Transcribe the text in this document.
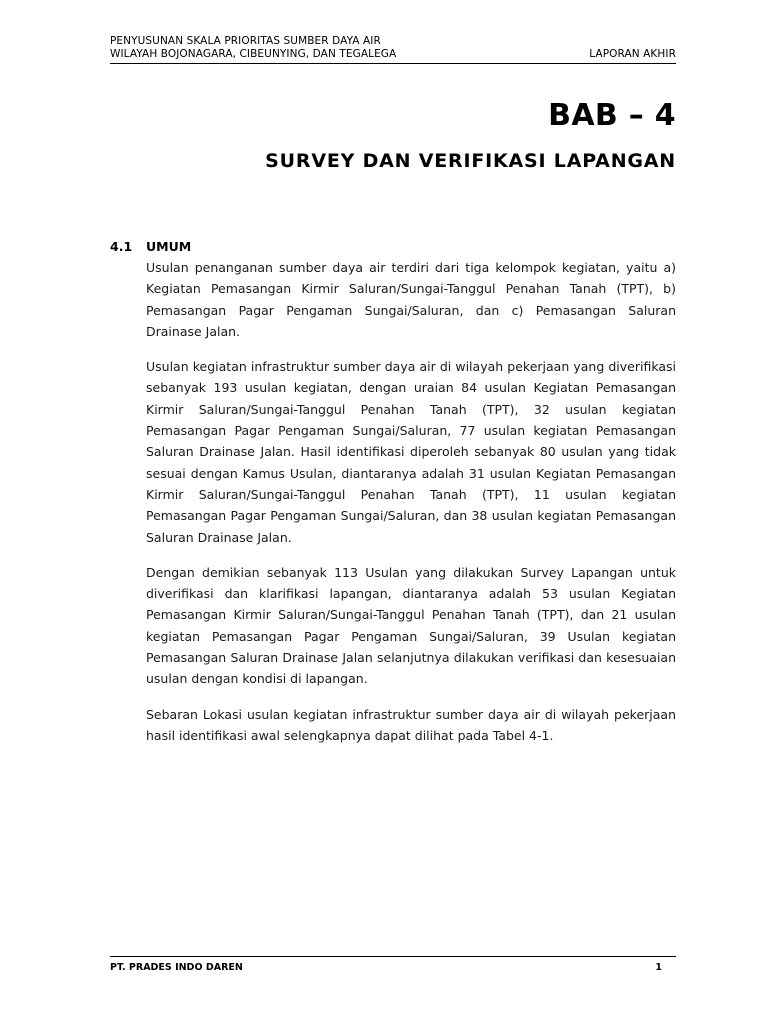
PENYUSUNAN SKALA PRIORITAS SUMBER DAYA AIR
WILAYAH BOJONAGARA, CIBEUNYING, DAN TEGALEGA	LAPORAN AKHIR
BAB – 4
SURVEY DAN VERIFIKASI LAPANGAN
4.1	UMUM

Usulan penanganan sumber daya air terdiri dari tiga kelompok kegiatan, yaitu a) Kegiatan Pemasangan Kirmir Saluran/Sungai-Tanggul Penahan Tanah (TPT), b) Pemasangan Pagar Pengaman Sungai/Saluran, dan c) Pemasangan Saluran Drainase Jalan.

Usulan kegiatan infrastruktur sumber daya air di wilayah pekerjaan yang diverifikasi sebanyak 193 usulan kegiatan, dengan uraian 84 usulan Kegiatan Pemasangan Kirmir Saluran/Sungai-Tanggul Penahan Tanah (TPT), 32 usulan kegiatan Pemasangan Pagar Pengaman Sungai/Saluran, 77 usulan kegiatan Pemasangan Saluran Drainase Jalan. Hasil identifikasi diperoleh sebanyak 80 usulan yang tidak sesuai dengan Kamus Usulan, diantaranya adalah 31 usulan Kegiatan Pemasangan Kirmir Saluran/Sungai-Tanggul Penahan Tanah (TPT), 11 usulan kegiatan Pemasangan Pagar Pengaman Sungai/Saluran, dan 38 usulan kegiatan Pemasangan Saluran Drainase Jalan.

Dengan demikian sebanyak 113 Usulan yang dilakukan Survey Lapangan untuk diverifikasi dan klarifikasi lapangan, diantaranya adalah 53 usulan Kegiatan Pemasangan Kirmir Saluran/Sungai-Tanggul Penahan Tanah (TPT), dan 21 usulan kegiatan Pemasangan Pagar Pengaman Sungai/Saluran, 39 Usulan kegiatan Pemasangan Saluran Drainase Jalan selanjutnya dilakukan verifikasi dan kesesuaian usulan dengan kondisi di lapangan.

Sebaran Lokasi usulan kegiatan infrastruktur sumber daya air di wilayah pekerjaan hasil identifikasi awal selengkapnya dapat dilihat pada Tabel 4-1.

PT. PRADES INDO DAREN	1
